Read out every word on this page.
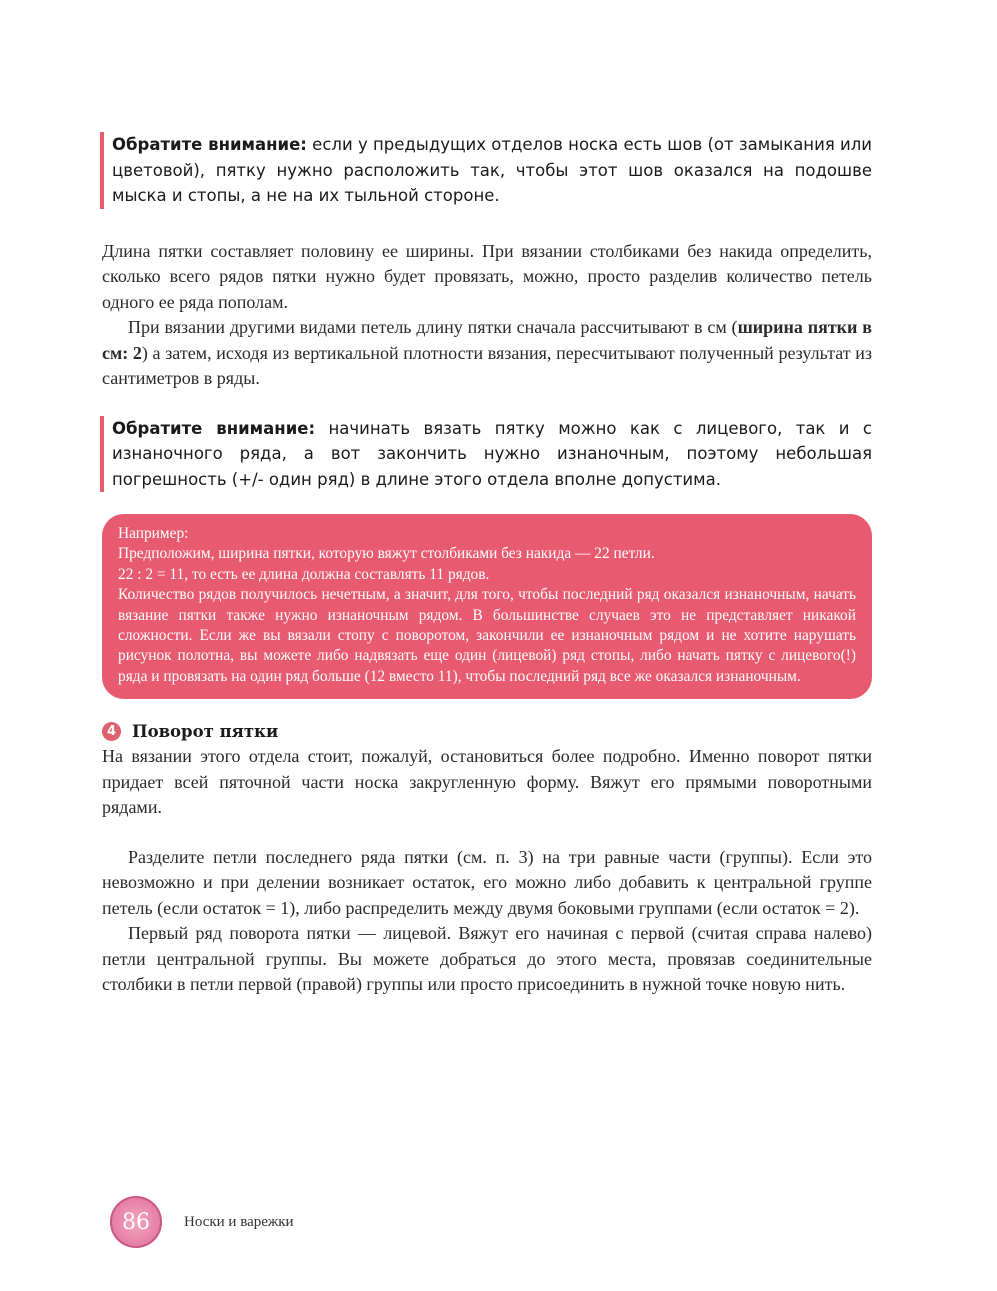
Обратите внимание: если у предыдущих отделов носка есть шов (от замыкания или цветовой), пятку нужно расположить так, чтобы этот шов оказался на подошве мыска и стопы, а не на их тыльной стороне.

Длина пятки составляет половину ее ширины. При вязании столбиками без накида определить, сколько всего рядов пятки нужно будет провязать, можно, просто разделив количество петель одного ее ряда пополам.

При вязании другими видами петель длину пятки сначала рассчитывают в см (ширина пятки в см: 2) а затем, исходя из вертикальной плотности вязания, пересчитывают полученный результат из сантиметров в ряды.

Обратите внимание: начинать вязать пятку можно как с лицевого, так и с изнаночного ряда, а вот закончить нужно изнаночным, поэтому небольшая погрешность (+/- один ряд) в длине этого отдела вполне допустима.

Например:

Предположим, ширина пятки, которую вяжут столбиками без накида — 22 петли.

22 : 2 = 11, то есть ее длина должна составлять 11 рядов.

Количество рядов получилось нечетным, а значит, для того, чтобы последний ряд оказался изнаночным, начать вязание пятки также нужно изнаночным рядом. В большинстве случаев это не представляет никакой сложности. Если же вы вязали стопу с поворотом, закончили ее изнаночным рядом и не хотите нарушать рисунок полотна, вы можете либо надвязать еще один (лицевой) ряд стопы, либо начать пятку с лицевого(!) ряда и провязать на один ряд больше (12 вместо 11), чтобы последний ряд все же оказался изнаночным.

4 Поворот пятки

На вязании этого отдела стоит, пожалуй, остановиться более подробно. Именно поворот пятки придает всей пяточной части носка закругленную форму. Вяжут его прямыми поворотными рядами.

Разделите петли последнего ряда пятки (см. п. 3) на три равные части (группы). Если это невозможно и при делении возникает остаток, его можно либо добавить к центральной группе петель (если остаток = 1), либо распределить между двумя боковыми группами (если остаток = 2).

Первый ряд поворота пятки — лицевой. Вяжут его начиная с первой (считая справа налево) петли центральной группы. Вы можете добраться до этого места, провязав соединительные столбики в петли первой (правой) группы или просто присоединить в нужной точке новую нить.

86	Носки и варежки
